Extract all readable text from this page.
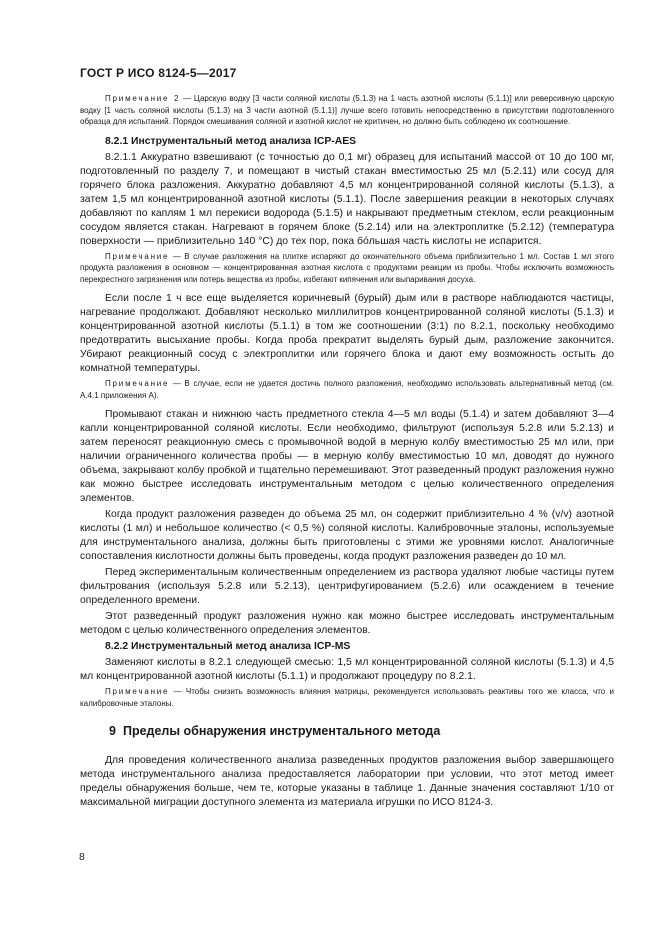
ГОСТ Р ИСО 8124-5—2017

Примечание 2 — Царскую водку [3 части соляной кислоты (5.1.3) на 1 часть азотной кислоты (5.1.1)] или реверсивную царскую водку [1 часть соляной кислоты (5.1.3) на 3 части азотной (5.1.1)] лучше всего готовить непосредственно в присутствии подготовленного образца для испытаний. Порядок смешивания соляной и азотной кислот не критичен, но должно быть соблюдено их соотношение.

8.2.1 Инструментальный метод анализа ICP-AES

8.2.1.1 Аккуратно взвешивают (с точностью до 0,1 мг) образец для испытаний массой от 10 до 100 мг, подготовленный по разделу 7, и помещают в чистый стакан вместимостью 25 мл (5.2.11) или сосуд для горячего блока разложения. Аккуратно добавляют 4,5 мл концентрированной соляной кислоты (5.1.3), а затем 1,5 мл концентрированной азотной кислоты (5.1.1). После завершения реакции в некоторых случаях добавляют по каплям 1 мл перекиси водорода (5.1.5) и накрывают предметным стеклом, если реакционным сосудом является стакан. Нагревают в горячем блоке (5.2.14) или на электроплитке (5.2.12) (температура поверхности — приблизительно 140 °С) до тех пор, пока бóльшая часть кислоты не испарится.

Примечание — В случае разложения на плитке испаряют до окончательного объема приблизительно 1 мл. Состав 1 мл этого продукта разложения в основном — концентрированная азотная кислота с продуктами реакции из пробы. Чтобы исключить возможность перекрестного загрязнения или потерь вещества из пробы, избегают кипячения или выпаривания досуха.

Если после 1 ч все еще выделяется коричневый (бурый) дым или в растворе наблюдаются частицы, нагревание продолжают. Добавляют несколько миллилитров концентрированной соляной кислоты (5.1.3) и концентрированной азотной кислоты (5.1.1) в том же соотношении (3:1) по 8.2.1, поскольку необходимо предотвратить высыхание пробы. Когда проба прекратит выделять бурый дым, разложение закончится. Убирают реакционный сосуд с электроплитки или горячего блока и дают ему возможность остыть до комнатной температуры.

Примечание — В случае, если не удается достичь полного разложения, необходимо использовать альтернативный метод (см. А.4.1 приложения А).

Промывают стакан и нижнюю часть предметного стекла 4—5 мл воды (5.1.4) и затем добавляют 3—4 капли концентрированной соляной кислоты. Если необходимо, фильтруют (используя 5.2.8 или 5.2.13) и затем переносят реакционную смесь с промывочной водой в мерную колбу вместимостью 25 мл или, при наличии ограниченного количества пробы — в мерную колбу вместимостью 10 мл, доводят до нужного объема, закрывают колбу пробкой и тщательно перемешивают. Этот разведенный продукт разложения нужно как можно быстрее исследовать инструментальным методом с целью количественного определения элементов.

Когда продукт разложения разведен до объема 25 мл, он содержит приблизительно 4 % (v/v) азотной кислоты (1 мл) и небольшое количество (< 0,5 %) соляной кислоты. Калибровочные эталоны, используемые для инструментального анализа, должны быть приготовлены с этими же уровнями кислот. Аналогичные сопоставления кислотности должны быть проведены, когда продукт разложения разведен до 10 мл.

Перед экспериментальным количественным определением из раствора удаляют любые частицы путем фильтрования (используя 5.2.8 или 5.2.13), центрифугированием (5.2.6) или осаждением в течение определенного времени.

Этот разведенный продукт разложения нужно как можно быстрее исследовать инструментальным методом с целью количественного определения элементов.

8.2.2 Инструментальный метод анализа ICP-MS

Заменяют кислоты в 8.2.1 следующей смесью: 1,5 мл концентрированной соляной кислоты (5.1.3) и 4,5 мл концентрированной азотной кислоты (5.1.1) и продолжают процедуру по 8.2.1.

Примечание — Чтобы снизить возможность влияния матрицы, рекомендуется использовать реактивы того же класса, что и калибровочные эталоны.

9 Пределы обнаружения инструментального метода

Для проведения количественного анализа разведенных продуктов разложения выбор завершающего метода инструментального анализа предоставляется лаборатории при условии, что этот метод имеет пределы обнаружения больше, чем те, которые указаны в таблице 1. Данные значения составляют 1/10 от максимальной миграции доступного элемента из материала игрушки по ИСО 8124-3.

8
